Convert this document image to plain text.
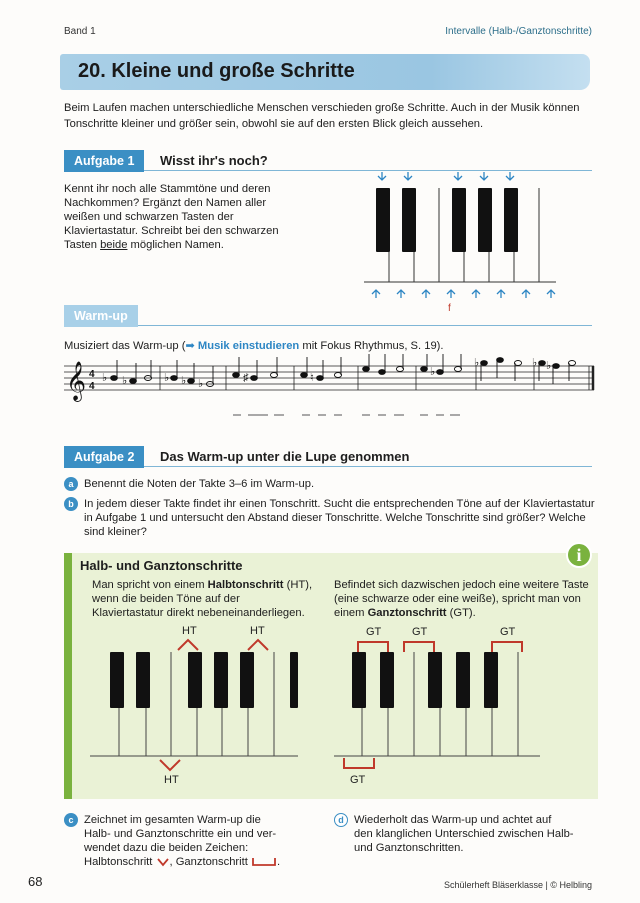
Band 1	Intervalle (Halb-/Ganztonschritte)
20. Kleine und große Schritte
Beim Laufen machen unterschiedliche Menschen verschieden große Schritte. Auch in der Musik können Tonschritte kleiner und größer sein, obwohl sie auf den ersten Blick gleich aussehen.
Aufgabe 1	Wisst ihr's noch?
Kennt ihr noch alle Stammtöne und deren Nachkommen? Ergänzt den Namen aller weißen und schwarzen Tasten der Klaviertastatur. Schreibt bei den schwarzen Tasten beide möglichen Namen.
f
Warm-up
Musiziert das Warm-up (➡ Musik einstudieren mit Fokus Rhythmus, S. 19).
𝄞 4
4
♭ ♭	♭ ♭ ♭	♯	♮	♭
♭	♭ ♭
Aufgabe 2	Das Warm-up unter die Lupe genommen
a Benennt die Noten der Takte 3–6 im Warm-up.
b In jedem dieser Takte findet ihr einen Tonschritt. Sucht die entsprechenden Töne auf der Klaviertastatur in Aufgabe 1 und untersucht den Abstand dieser Tonschritte. Welche Tonschritte sind größer? Welche sind kleiner?
i
Halb- und Ganztonschritte
Man spricht von einem Halbtonschritt (HT), wenn die beiden Töne auf der Klaviertastatur direkt nebeneinanderliegen.
Befindet sich dazwischen jedoch eine weitere Taste (eine schwarze oder eine weiße), spricht man von einem Ganztonschritt (GT).
HT	HT
HT
GT	GT	GT
GT
c Zeichnet im gesamten Warm-up die
Halb- und Ganztonschritte ein und ver-
wendet dazu die beiden Zeichen:
Halbtonschritt , Ganztonschritt	.
d Wiederholt das Warm-up und achtet auf
den klanglichen Unterschied zwischen Halb-
und Ganztonschritten.
68	Schülerheft Bläserklasse | © Helbling
